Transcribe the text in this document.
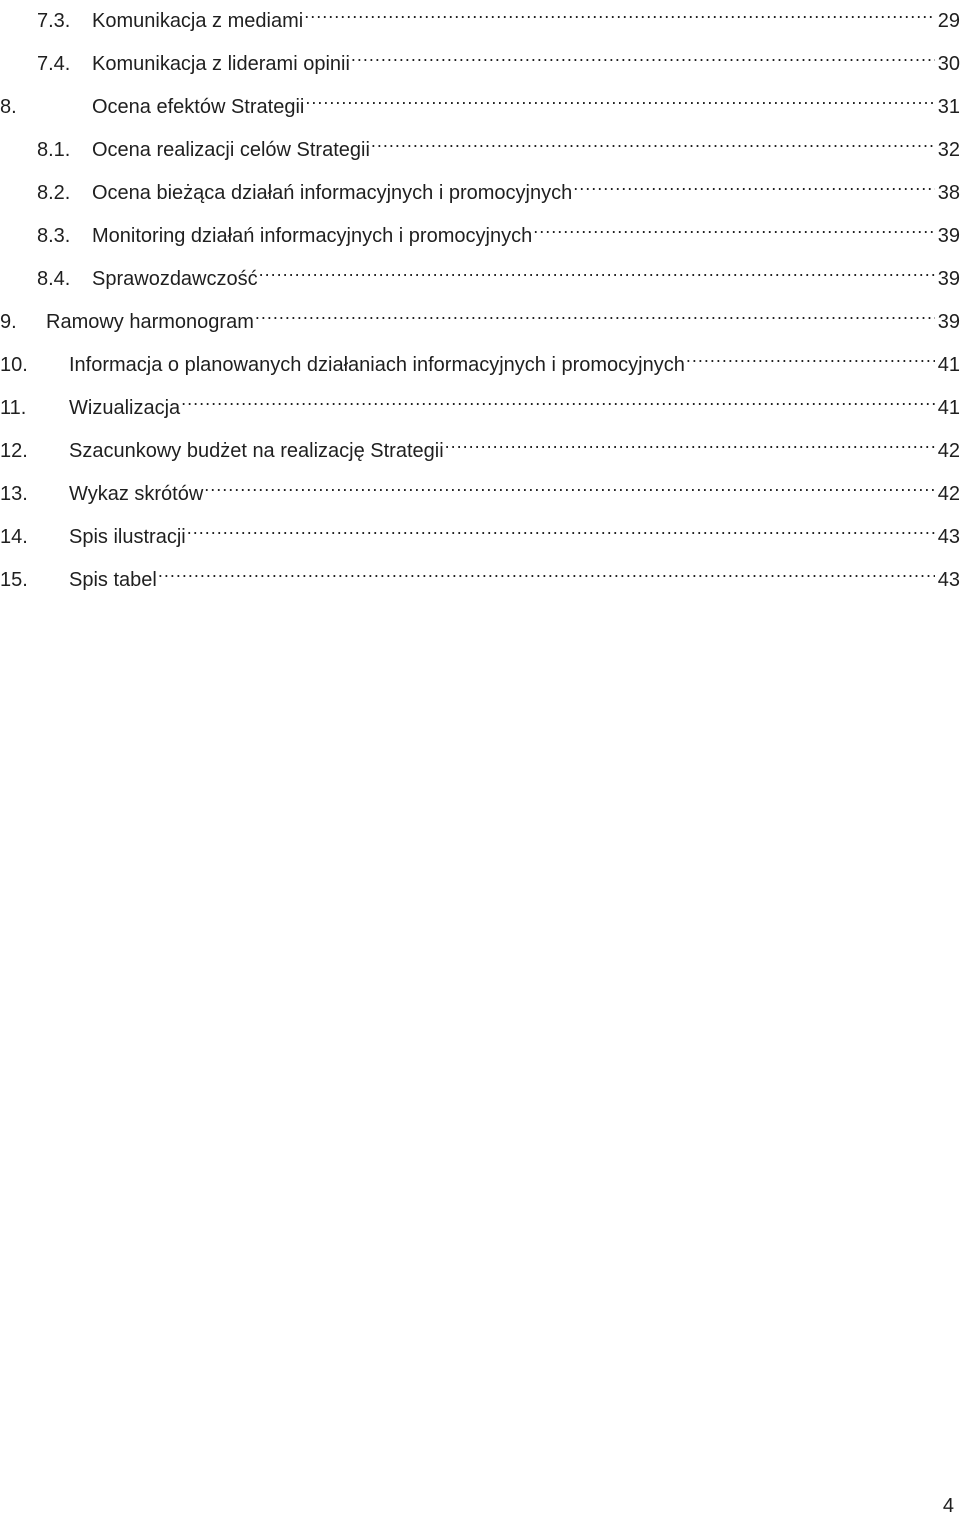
7.3.	Komunikacja z mediami .....	29
7.4.	Komunikacja z liderami opinii .....	30
8.	Ocena efektów Strategii .....	31
8.1.	Ocena realizacji celów Strategii .....	32
8.2.	Ocena bieżąca działań informacyjnych i promocyjnych .....	38
8.3.	Monitoring działań informacyjnych i promocyjnych .....	39
8.4.	Sprawozdawczość .....	39
9.	Ramowy harmonogram .....	39
10.	Informacja o planowanych działaniach informacyjnych i promocyjnych .....	41
11.	Wizualizacja .....	41
12.	Szacunkowy budżet na realizację Strategii .....	42
13.	Wykaz skrótów .....	42
14.	Spis ilustracji .....	43
15.	Spis tabel .....	43
4
